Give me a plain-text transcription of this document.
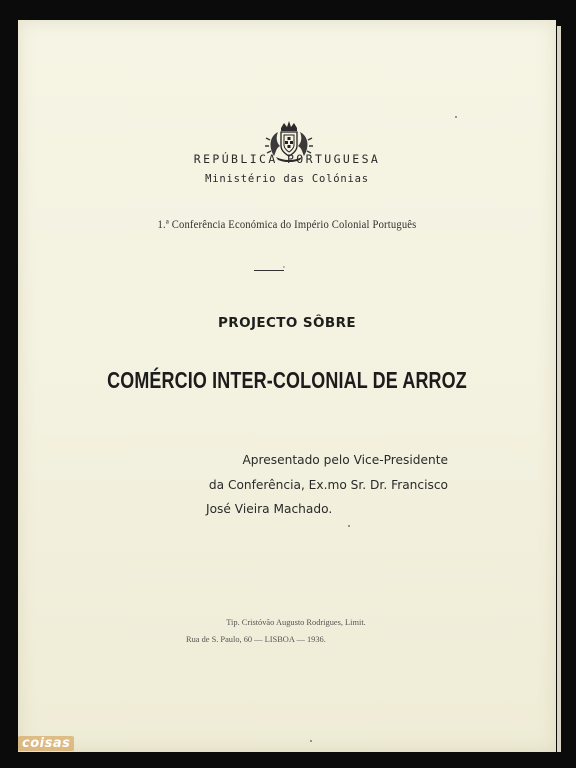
REPÚBLICA PORTUGUESA
Ministério das Colónias
1.ª Conferência Económica do Império Colonial Português
'
PROJECTO SÔBRE
COMÉRCIO INTER-COLONIAL DE ARROZ
Apresentado pelo Vice-Presidente
da Conferência, Ex.mo Sr. Dr. Francisco
José Vieira Machado.
Tip. Cristóvão Augusto Rodrigues, Limit.
Rua de S. Paulo, 60 — LISBOA — 1936.
coisas
